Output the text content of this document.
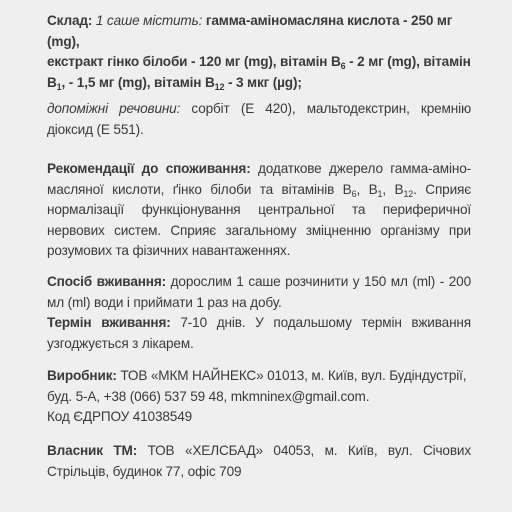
Склад: 1 саше містить: гамма-аміномасляна кислота - 250 мг (mg),
екстракт гінко білоби - 120 мг (mg), вітамін $B_6 - 2$ мг (mg), вітамін
$B_1$, - 1,5 мг (mg), вітамін $B_{12} - 3$ мкг (µg);
допоміжні речовини: сорбіт (E 420), мальтодекстрин, кремнію діоксид (E 551).
Рекомендації до споживання: додаткове джерело гамма-аміно-масляної кислоти, ґінко білоби та вітамінів $B_6$, $B_1$, $B_{12}$. Сприяє нормалізації функціонування центральної та периферичної нервових систем. Сприяє загальному зміцненню організму при розумових та фізичних навантаженнях.
Спосіб вживання: дорослим 1 саше розчинити у 150 мл (ml) - 200 мл (ml) води і приймати 1 раз на добу.
Термін вживання: 7-10 днів. У подальшому термін вживання узгоджується з лікарем.
Виробник: ТОВ «МКМ НАЙНЕКС» 01013, м. Київ, вул. Будіндустрії,
буд. 5-А, +38 (066) 537 59 48, mkmninex@gmail.com.
Код ЄДРПОУ 41038549
Власник ТМ: ТОВ «ХЕЛСБАД» 04053, м. Київ, вул. Січових Стрільців, будинок 77, офіс 709
